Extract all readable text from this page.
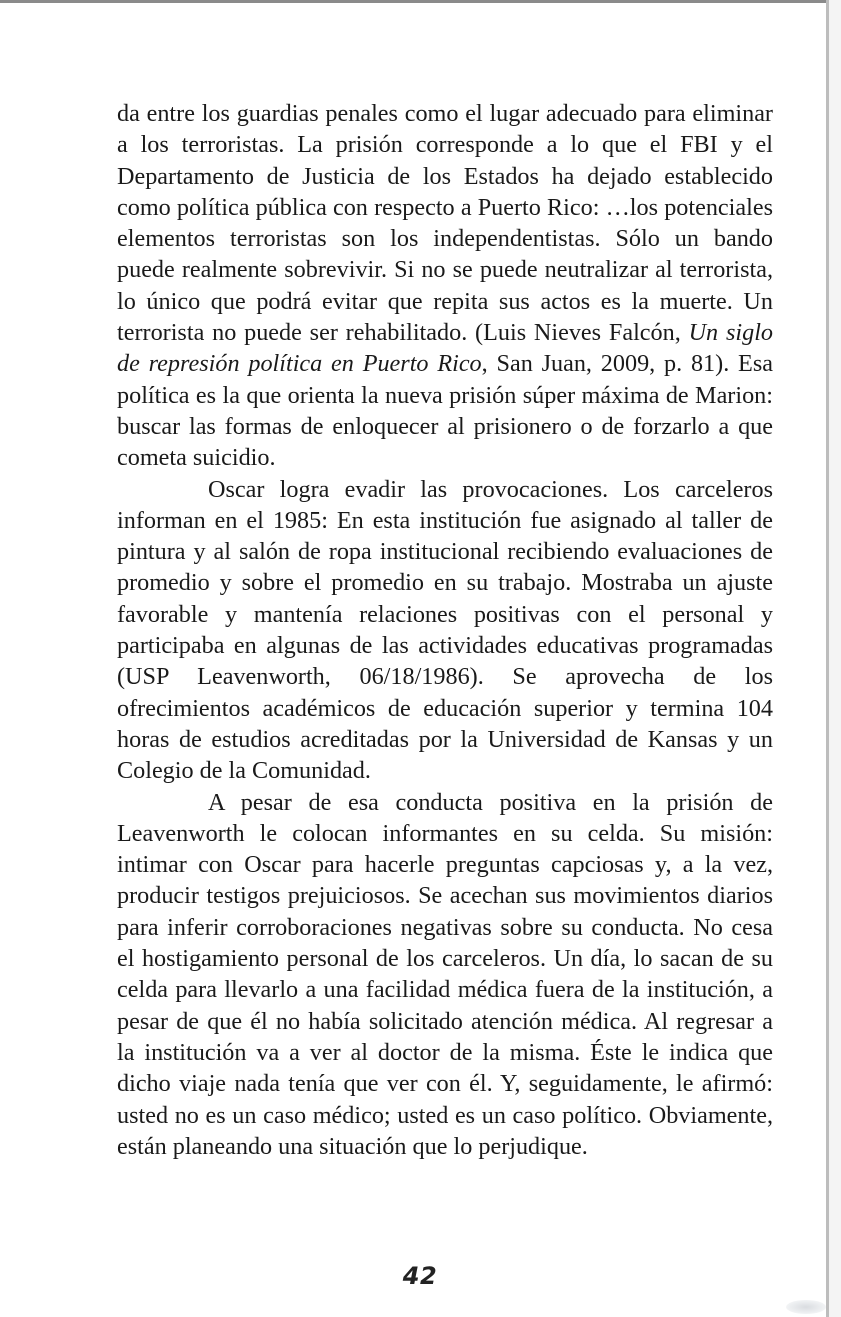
da entre los guardias penales como el lugar adecuado para eliminar a los terroristas. La prisión corresponde a lo que el FBI y el Departamento de Justicia de los Estados ha dejado establecido como política pública con respecto a Puerto Rico: …los potenciales elementos terroristas son los independentistas. Sólo un bando puede realmente sobrevivir. Si no se puede neutralizar al terrorista, lo único que podrá evitar que repita sus actos es la muerte. Un terrorista no puede ser rehabilitado. (Luis Nieves Falcón, Un siglo de represión política en Puerto Rico, San Juan, 2009, p. 81). Esa política es la que orienta la nueva prisión súper máxima de Marion: buscar las formas de enloquecer al prisionero o de forzarlo a que cometa suicidio.

Oscar logra evadir las provocaciones. Los carceleros informan en el 1985: En esta institución fue asignado al taller de pintura y al salón de ropa institucional recibiendo evaluaciones de promedio y sobre el promedio en su trabajo. Mostraba un ajuste favorable y mantenía relaciones positivas con el personal y participaba en algunas de las actividades educativas programadas (USP Leavenworth, 06/18/1986). Se aprovecha de los ofrecimientos académicos de educación superior y termina 104 horas de estudios acreditadas por la Universidad de Kansas y un Colegio de la Comunidad.

A pesar de esa conducta positiva en la prisión de Leavenworth le colocan informantes en su celda. Su misión: intimar con Oscar para hacerle preguntas capciosas y, a la vez, producir testigos prejuiciosos. Se acechan sus movimientos diarios para inferir corroboraciones negativas sobre su conducta. No cesa el hostigamiento personal de los carceleros. Un día, lo sacan de su celda para llevarlo a una facilidad médica fuera de la institución, a pesar de que él no había solicitado atención médica. Al regresar a la institución va a ver al doctor de la misma. Éste le indica que dicho viaje nada tenía que ver con él. Y, seguidamente, le afirmó: usted no es un caso médico; usted es un caso político. Obviamente, están planeando una situación que lo perjudique.

42
